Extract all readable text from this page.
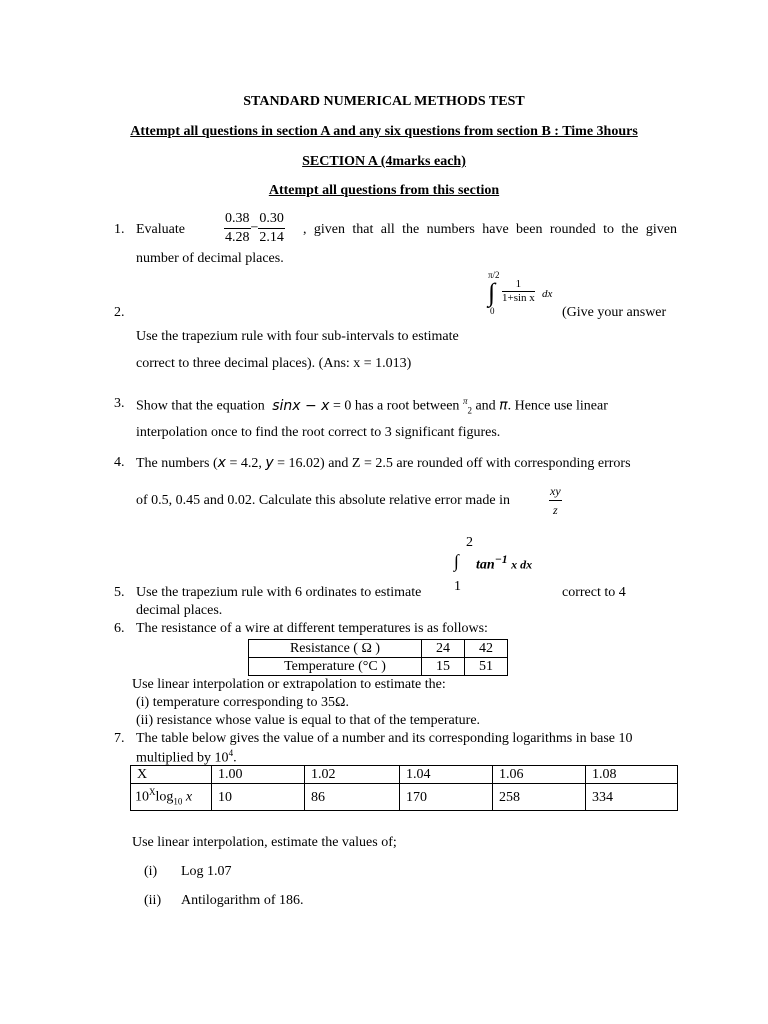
STANDARD NUMERICAL METHODS TEST
Attempt all questions in section A and any six questions from section B : Time 3hours
SECTION A (4marks each)
Attempt all questions from this section
1. Evaluate	$\frac{0.38}{4.28} - \frac{0.30}{2.14}$ , given that all the numbers have been rounded to the given
number of decimal places.
2.
π/2
∫
0
$\frac{1}{\text{1+sin x}}$ dx
(Give your answer
Use the trapezium rule with four sub-intervals to estimate
correct to three decimal places). (Ans: x = 1.013)
3. Show that the equation sinx − x = 0 has a root between $^\pi_2$ and π. Hence use linear
interpolation once to find the root correct to 3 significant figures.
4. The numbers (x = 4.2, y = 16.02) and Z = 2.5 are rounded off with corresponding errors
of 0.5, 0.45 and 0.02. Calculate this absolute relative error made in	$\frac{xy}{z}$
2
∫
1
$\tan^{-1} x$ dx
5. Use the trapezium rule with 6 ordinates to estimate	correct to 4
decimal places.
6. The resistance of a wire at different temperatures is as follows:
Resistance ( Ω )	24	42
Temperature (°C )	15	51
Use linear interpolation or extrapolation to estimate the:
(i) temperature corresponding to 35Ω.
(ii) resistance whose value is equal to that of the temperature.
7. The table below gives the value of a number and its corresponding logarithms in base 10
multiplied by $10^4$.
X	1.00	1.02	1.04	1.06	1.08
$10^X\log_{10}$ x	10	86	170	258	334
Use linear interpolation, estimate the values of;
(i) Log 1.07
(ii) Antilogarithm of 186.
